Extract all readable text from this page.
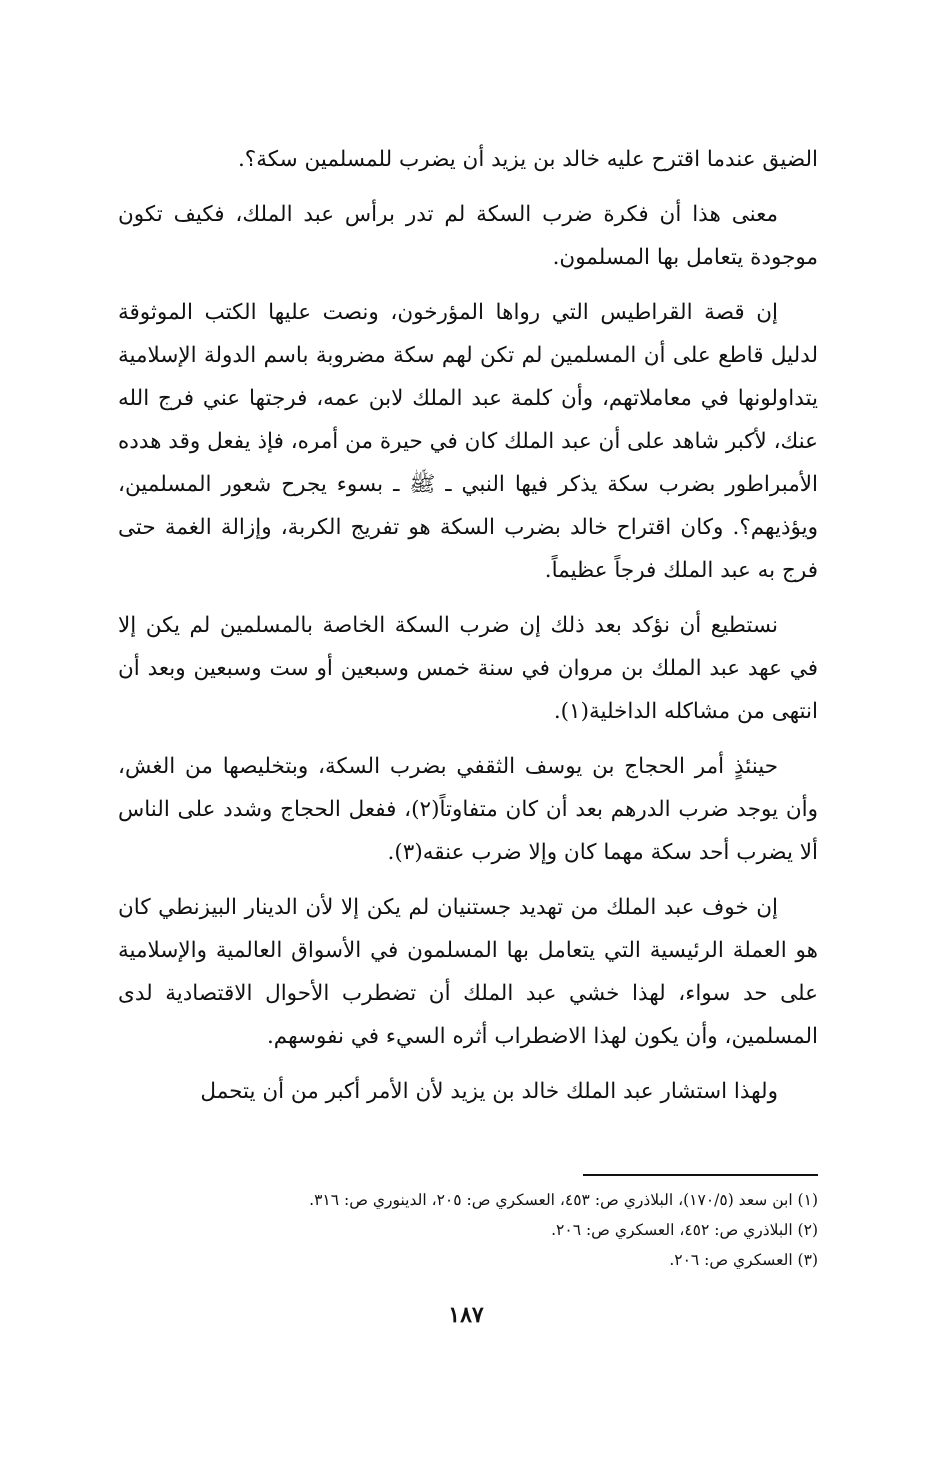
الضيق عندما اقترح عليه خالد بن يزيد أن يضرب للمسلمين سكة؟.

معنى هذا أن فكرة ضرب السكة لم تدر برأس عبد الملك، فكيف تكون موجودة يتعامل بها المسلمون.

إن قصة القراطيس التي رواها المؤرخون، ونصت عليها الكتب الموثوقة لدليل قاطع على أن المسلمين لم تكن لهم سكة مضروبة باسم الدولة الإسلامية يتداولونها في معاملاتهم، وأن كلمة عبد الملك لابن عمه، فرجتها عني فرج الله عنك، لأكبر شاهد على أن عبد الملك كان في حيرة من أمره، فإذ يفعل وقد هدده الأمبراطور بضرب سكة يذكر فيها النبي ـ ﷺ ـ بسوء يجرح شعور المسلمين، ويؤذيهم؟. وكان اقتراح خالد بضرب السكة هو تفريج الكربة، وإزالة الغمة حتى فرج به عبد الملك فرجاً عظيماً.

نستطيع أن نؤكد بعد ذلك إن ضرب السكة الخاصة بالمسلمين لم يكن إلا في عهد عبد الملك بن مروان في سنة خمس وسبعين أو ست وسبعين وبعد أن انتهى من مشاكله الداخلية(١).

حينئذٍ أمر الحجاج بن يوسف الثقفي بضرب السكة، وبتخليصها من الغش، وأن يوجد ضرب الدرهم بعد أن كان متفاوتاً(٢)، ففعل الحجاج وشدد على الناس ألا يضرب أحد سكة مهما كان وإلا ضرب عنقه(٣).

إن خوف عبد الملك من تهديد جستنيان لم يكن إلا لأن الدينار البيزنطي كان هو العملة الرئيسية التي يتعامل بها المسلمون في الأسواق العالمية والإسلامية على حد سواء، لهذا خشي عبد الملك أن تضطرب الأحوال الاقتصادية لدى المسلمين، وأن يكون لهذا الاضطراب أثره السيء في نفوسهم.

ولهذا استشار عبد الملك خالد بن يزيد لأن الأمر أكبر من أن يتحمل

(١) ابن سعد (١٧٠/٥)، البلاذري ص: ٤٥٣، العسكري ص: ٢٠٥، الدينوري ص: ٣١٦.

(٢) البلاذري ص: ٤٥٢، العسكري ص: ٢٠٦.

(٣) العسكري ص: ٢٠٦.

١٨٧
